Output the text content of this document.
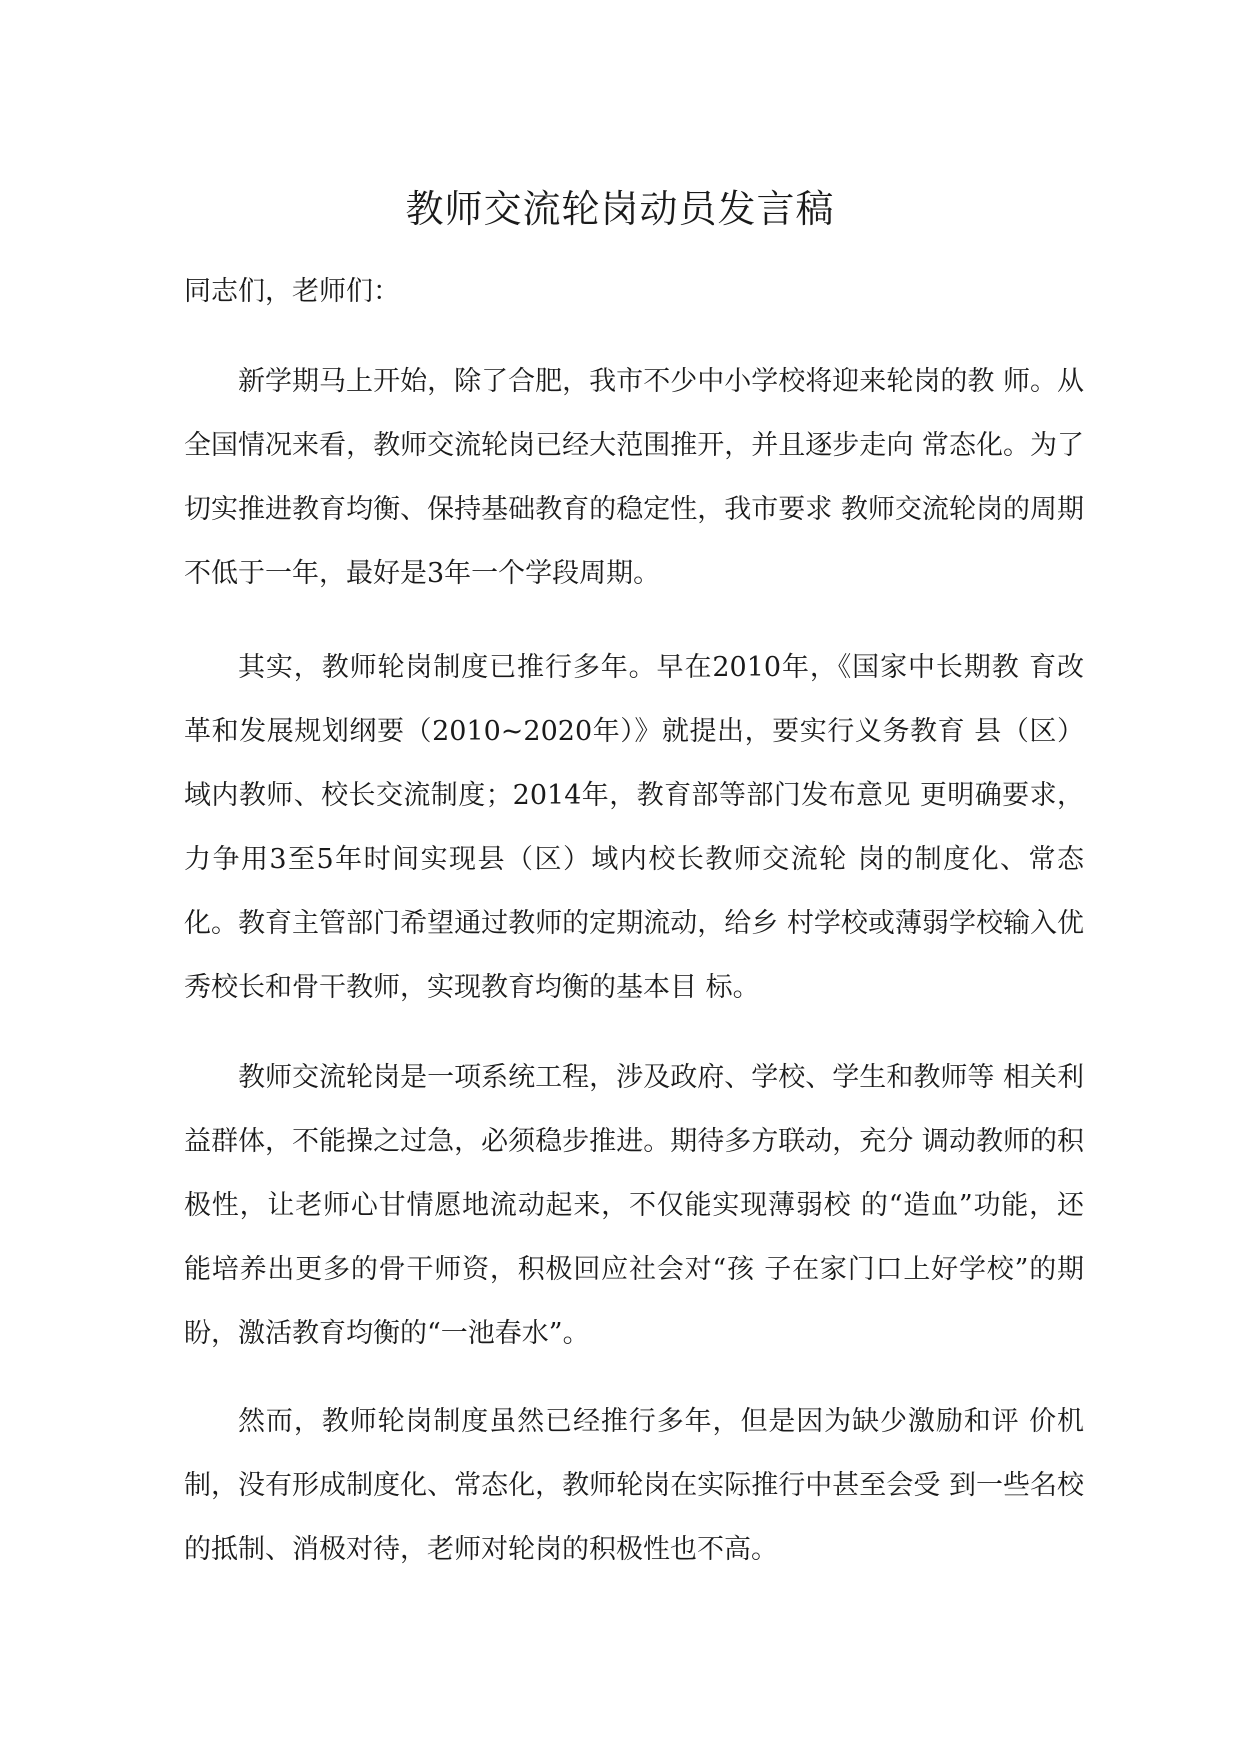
教师交流轮岗动员发言稿
同志们，老师们：

新学期马上开始，除了合肥，我市不少中小学校将迎来轮岗的教 师。从全国情况来看，教师交流轮岗已经大范围推开，并且逐步走向 常态化。为了切实推进教育均衡、保持基础教育的稳定性，我市要求 教师交流轮岗的周期不低于一年，最好是3年一个学段周期。

其实，教师轮岗制度已推行多年。早在2010年，《国家中长期教 育改革和发展规划纲要（2010~2020年）》就提出，要实行义务教育 县（区）域内教师、校长交流制度；2014年，教育部等部门发布意见 更明确要求，力争用3至5年时间实现县（区）域内校长教师交流轮 岗的制度化、常态化。教育主管部门希望通过教师的定期流动，给乡 村学校或薄弱学校输入优秀校长和骨干教师，实现教育均衡的基本目 标。

教师交流轮岗是一项系统工程，涉及政府、学校、学生和教师等 相关利益群体，不能操之过急，必须稳步推进。期待多方联动，充分 调动教师的积极性，让老师心甘情愿地流动起来，不仅能实现薄弱校 的“造血”功能，还能培养出更多的骨干师资，积极回应社会对“孩 子在家门口上好学校”的期盼，激活教育均衡的“一池春水”。

然而，教师轮岗制度虽然已经推行多年，但是因为缺少激励和评 价机制，没有形成制度化、常态化，教师轮岗在实际推行中甚至会受 到一些名校的抵制、消极对待，老师对轮岗的积极性也不高。
